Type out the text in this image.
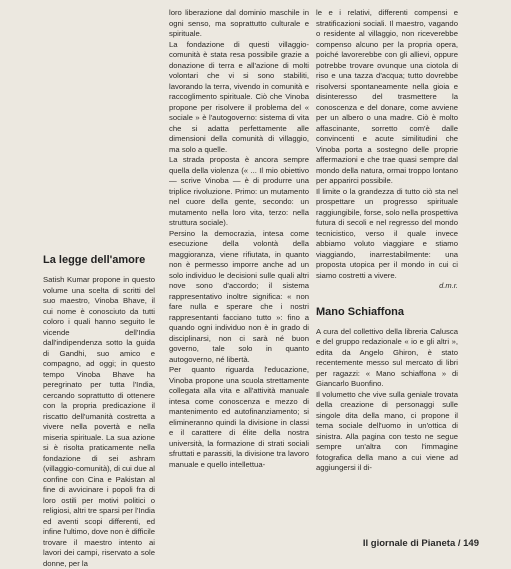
La legge dell'amore

Satish Kumar propone in questo volume una scelta di scritti del suo maestro, Vinoba Bhave, il cui nome è conosciuto da tutti coloro i quali hanno seguito le vicende dell'India dall'indipendenza sotto la guida di Gandhi, suo amico e compagno, ad oggi; in questo tempo Vinoba Bhave ha peregrinato per tutta l'India, cercando soprattutto di ottenere con la propria predicazione il riscatto dell'umanità costretta a vivere nella povertà e nella miseria spirituale. La sua azione si è risolta praticamente nella fondazione di sei ashram (villaggio-comunità), di cui due al confine con Cina e Pakistan al fine di avvicinare i popoli fra di loro ostili per motivi politici o religiosi, altri tre sparsi per l'India ed aventi scopi differenti, ed infine l'ultimo, dove non è difficile trovare il maestro intento ai lavori dei campi, riservato a sole donne, per la

loro liberazione dal dominio maschile in ogni senso, ma soprattutto culturale e spirituale.

La fondazione di questi villaggio-comunità è stata resa possibile grazie a donazione di terra e all'azione di molti volontari che vi si sono stabiliti, lavorando la terra, vivendo in comunità e raccoglimento spirituale. Ciò che Vinoba propone per risolvere il problema del « sociale » è l'autogoverno: sistema di vita che si adatta perfettamente alle dimensioni della comunità di villaggio, ma solo a quelle.

La strada proposta è ancora sempre quella della violenza (« ... Il mio obiettivo — scrive Vinoba — è di produrre una triplice rivoluzione. Primo: un mutamento nel cuore della gente, secondo: un mutamento nella loro vita, terzo: nella struttura sociale).

Persino la democrazia, intesa come esecuzione della volontà della maggioranza, viene rifiutata, in quanto non è permesso imporre anche ad un solo individuo le decisioni sulle quali altri nove sono d'accordo; il sistema rappresentativo inoltre significa: « non fare nulla e sperare che i nostri rappresentanti facciano tutto »: fino a quando ogni individuo non è in grado di disciplinarsi, non ci sarà né buon governo, tale solo in quanto autogoverno, né libertà.

Per quanto riguarda l'educazione, Vinoba propone una scuola strettamente collegata alla vita e all'attività manuale intesa come conoscenza e mezzo di mantenimento ed autofinanziamento; si elimineranno quindi la divisione in classi e il carattere di élite della nostra università, la formazione di strati sociali sfruttati e parassiti, la divisione tra lavoro manuale e quello intellettua-

le e i relativi, differenti compensi e stratificazioni sociali. Il maestro, vagando o residente al villaggio, non riceverebbe compenso alcuno per la propria opera, poiché lavorerebbe con gli allievi, oppure potrebbe trovare ovunque una ciotola di riso e una tazza d'acqua; tutto dovrebbe risolversi spontaneamente nella gioia e disinteresso del trasmettere la conoscenza e del donare, come avviene per un albero o una madre. Ciò è molto affascinante, sorretto com'è dalle convincenti e acute similitudini che Vinoba porta a sostegno delle proprie affermazioni e che trae quasi sempre dal mondo della natura, ormai troppo lontano per apparirci possibile.

Il limite o la grandezza di tutto ciò sta nel prospettare un progresso spirituale raggiungibile, forse, solo nella prospettiva futura di secoli e nel regresso del mondo tecnicistico, verso il quale invece abbiamo voluto viaggiare e stiamo viaggiando, inarrestabilmente: una proposta utopica per il mondo in cui ci siamo costretti a vivere.

d.m.r.

Mano Schiaffona

A cura del collettivo della libreria Calusca e del gruppo redazionale « io e gli altri », edita da Angelo Ghiron, è stato recentemente messo sul mercato di libri per ragazzi: « Mano schiaffona » di Giancarlo Buonfino.

Il volumetto che vive sulla geniale trovata della creazione di personaggi sulle singole dita della mano, ci propone il tema sociale dell'uomo in un'ottica di sinistra. Alla pagina con testo ne segue sempre un'altra con l'immagine fotografica della mano a cui viene ad aggiungersi il di-

Il giornale di Pianeta / 149
